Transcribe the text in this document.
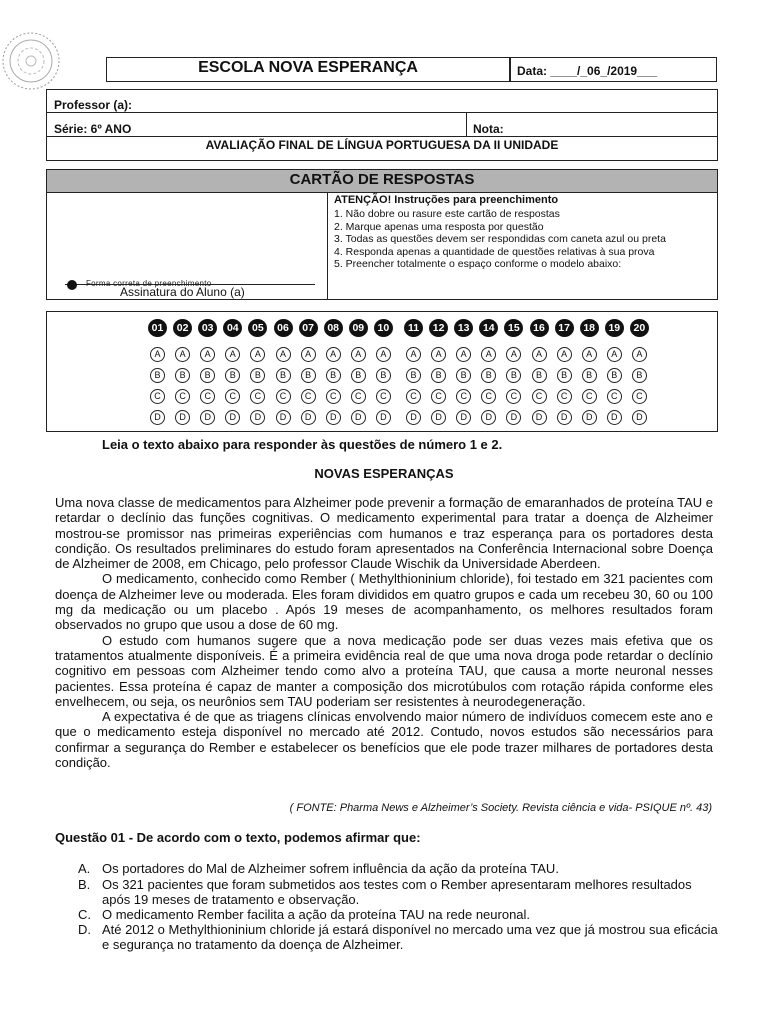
ESCOLA NOVA ESPERANÇA	Data: ____/_06_/2019___
Professor (a):
Série: 6º ANO	Nota:
AVALIAÇÃO FINAL DE LÍNGUA PORTUGUESA DA II UNIDADE
CARTÃO DE RESPOSTAS
ATENÇÃO! Instruções para preenchimento
1. Não dobre ou rasure este cartão de respostas
2. Marque apenas uma resposta por questão
3. Todas as questões devem ser respondidas com caneta azul ou preta
4. Responda apenas a quantidade de questões relativas à sua prova
5. Preencher totalmente o espaço conforme o modelo abaixo:
Forma correta de preenchimento
Assinatura do Aluno (a)
01
A
B
C
D
02
A
B
C
D
03
A
B
C
D
04
A
B
C
D
05
A
B
C
D
06
A
B
C
D
07
A
B
C
D
08
A
B
C
D
09
A
B
C
D
10
A
B
C
D
11
A
B
C
D
12
A
B
C
D
13
A
B
C
D
14
A
B
C
D
15
A
B
C
D
16
A
B
C
D
17
A
B
C
D
18
A
B
C
D
19
A
B
C
D
20
A
B
C
D
Leia o texto abaixo para responder às questões de número 1 e 2.
NOVAS ESPERANÇAS

Uma nova classe de medicamentos para Alzheimer pode prevenir a formação de emaranhados de proteína TAU e retardar o declínio das funções cognitivas. O medicamento experimental para tratar a doença de Alzheimer mostrou-se promissor nas primeiras experiências com humanos e traz esperança para os portadores desta condição. Os resultados preliminares do estudo foram apresentados na Conferência Internacional sobre Doença de Alzheimer de 2008, em Chicago, pelo professor Claude Wischik da Universidade Aberdeen.

O medicamento, conhecido como Rember ( Methylthioninium chloride), foi testado em 321 pacientes com doença de Alzheimer leve ou moderada. Eles foram divididos em quatro grupos e cada um recebeu 30, 60 ou 100 mg da medicação ou um placebo . Após 19 meses de acompanhamento, os melhores resultados foram observados no grupo que usou a dose de 60 mg.

O estudo com humanos sugere que a nova medicação pode ser duas vezes mais efetiva que os tratamentos atualmente disponíveis. É a primeira evidência real de que uma nova droga pode retardar o declínio cognitivo em pessoas com Alzheimer tendo como alvo a proteína TAU, que causa a morte neuronal nesses pacientes. Essa proteína é capaz de manter a composição dos microtúbulos com rotação rápida conforme eles envelhecem, ou seja, os neurônios sem TAU poderiam ser resistentes à neurodegeneração.

A expectativa é de que as triagens clínicas envolvendo maior número de indivíduos comecem este ano e que o medicamento esteja disponível no mercado até 2012. Contudo, novos estudos são necessários para confirmar a segurança do Rember e estabelecer os benefícios que ele pode trazer milhares de portadores desta condição.

( FONTE: Pharma News e Alzheimer’s Society. Revista ciência e vida- PSIQUE nº. 43)
Questão 01 - De acordo com o texto, podemos afirmar que:
A. Os portadores do Mal de Alzheimer sofrem influência da ação da proteína TAU.
B. Os 321 pacientes que foram submetidos aos testes com o Rember apresentaram melhores resultados após 19 meses de tratamento e observação.
C. O medicamento Rember facilita a ação da proteína TAU na rede neuronal.
D. Até 2012 o Methylthioninium chloride já estará disponível no mercado uma vez que já mostrou sua eficácia e segurança no tratamento da doença de Alzheimer.
